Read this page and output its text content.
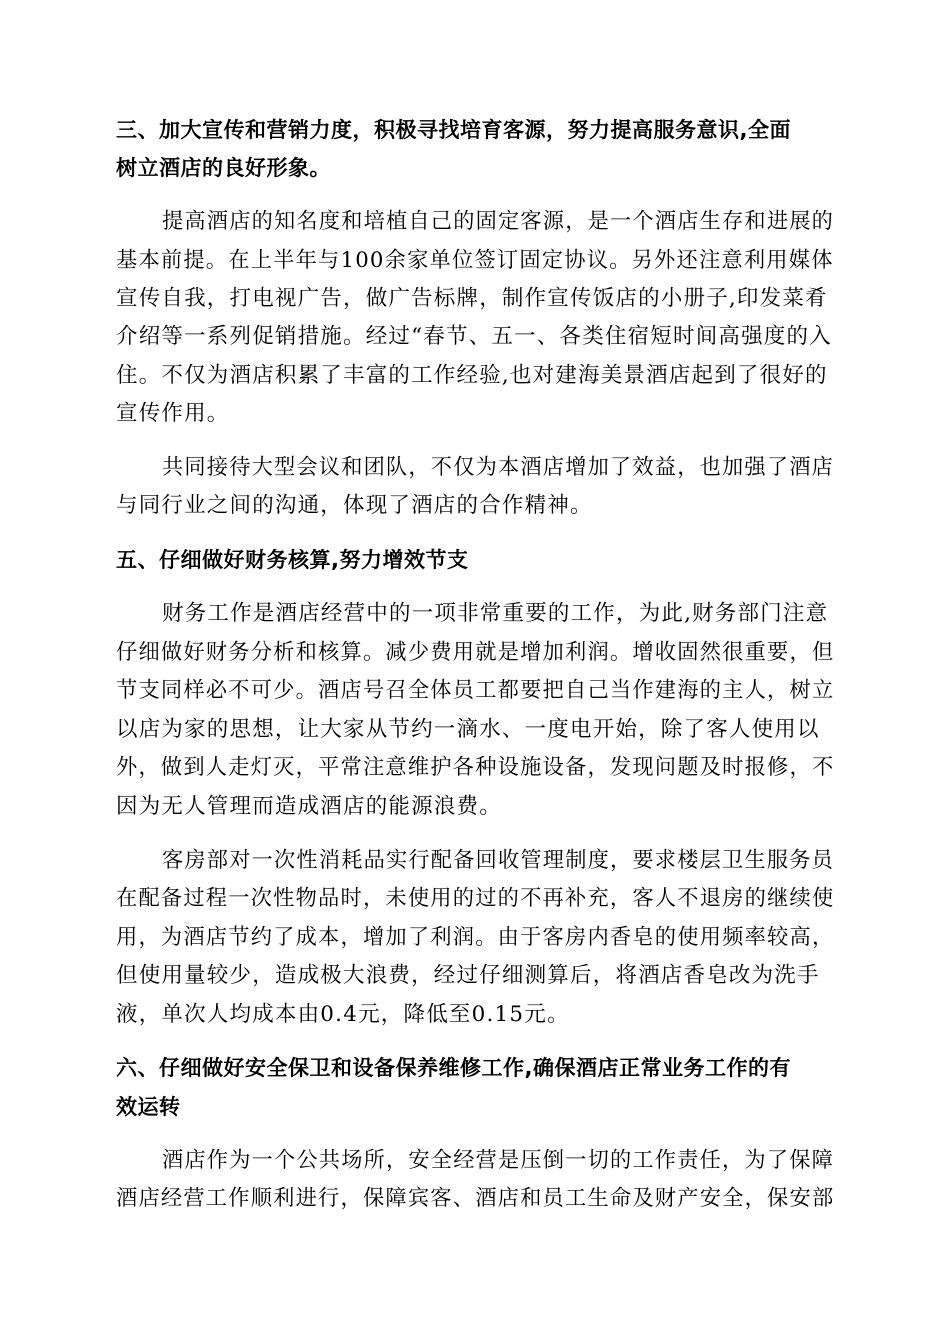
三、加大宣传和营销力度，积极寻找培育客源，努力提高服务意识,全面
树立酒店的良好形象。
提高酒店的知名度和培植自己的固定客源，是一个酒店生存和进展的
基本前提。在上半年与100余家单位签订固定协议。另外还注意利用媒体
宣传自我，打电视广告，做广告标牌，制作宣传饭店的小册子,印发菜肴
介绍等一系列促销措施。经过“春节、五一、各类住宿短时间高强度的入
住。不仅为酒店积累了丰富的工作经验,也对建海美景酒店起到了很好的
宣传作用。
共同接待大型会议和团队，不仅为本酒店增加了效益，也加强了酒店
与同行业之间的沟通，体现了酒店的合作精神。
五、仔细做好财务核算,努力增效节支
财务工作是酒店经营中的一项非常重要的工作，为此,财务部门注意
仔细做好财务分析和核算。减少费用就是增加利润。增收固然很重要，但
节支同样必不可少。酒店号召全体员工都要把自己当作建海的主人，树立
以店为家的思想，让大家从节约一滴水、一度电开始，除了客人使用以
外，做到人走灯灭，平常注意维护各种设施设备，发现问题及时报修，不
因为无人管理而造成酒店的能源浪费。
客房部对一次性消耗品实行配备回收管理制度，要求楼层卫生服务员
在配备过程一次性物品时，未使用的过的不再补充，客人不退房的继续使
用，为酒店节约了成本，增加了利润。由于客房内香皂的使用频率较高，
但使用量较少，造成极大浪费，经过仔细测算后，将酒店香皂改为洗手
液，单次人均成本由0.4元，降低至0.15元。
六、仔细做好安全保卫和设备保养维修工作,确保酒店正常业务工作的有
效运转
酒店作为一个公共场所，安全经营是压倒一切的工作责任，为了保障
酒店经营工作顺利进行，保障宾客、酒店和员工生命及财产安全，保安部
